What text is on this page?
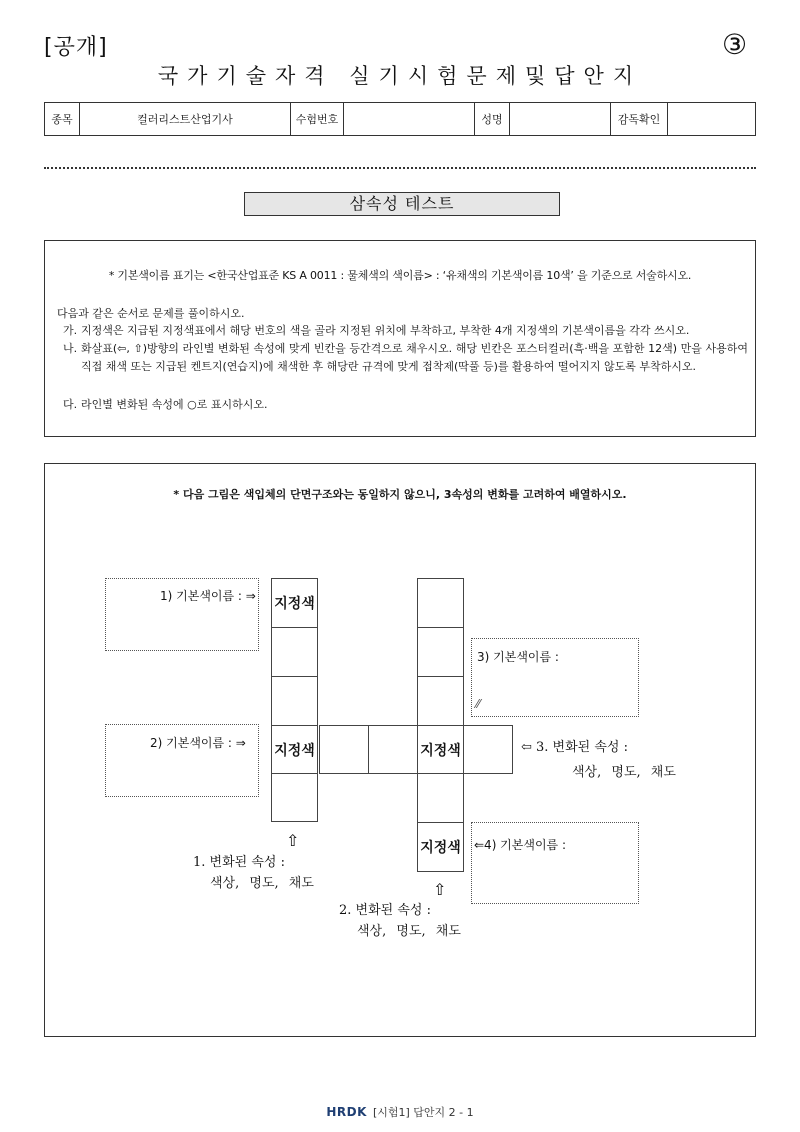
[공개]	③
국가기술자격 실기시험문제및답안지
종목	컬러리스트산업기사	수험번호		성명		감독확인	
삼속성 테스트
* 기본색이름 표기는 <한국산업표준 KS A 0011 : 물체색의 색이름> : ‘유채색의 기본색이름 10색’ 을 기준으로 서술하시오.
다음과 같은 순서로 문제를 풀이하시오.
가. 지정색은 지급된 지정색표에서 해당 번호의 색을 골라 지정된 위치에 부착하고, 부착한 4개 지정색의 기본색이름을 각각 쓰시오.
나. 화살표(⇦, ⇧)방향의 라인별 변화된 속성에 맞게 빈칸을 등간격으로 채우시오. 해당 빈칸은 포스터컬러(흑·백을 포함한 12색) 만을 사용하여 직접 채색 또는 지급된 켄트지(연습지)에 채색한 후 해당란 규격에 맞게 접착제(딱풀 등)를 활용하여 떨어지지 않도록 부착하시오.
다. 라인별 변화된 속성에 ○로 표시하시오.
* 다음 그림은 색입체의 단면구조와는 동일하지 않으니, 3속성의 변화를 고려하여 배열하시오.
1) 기본색이름 : ⇒
2) 기본색이름 : ⇒
3) 기본색이름 :
⁄⁄
⇐4) 기본색이름 :
지정색
지정색	지정색
지정색
⇧
1. 변화된 속성 :
색상, 명도, 채도	⇧
2. 변화된 속성 :
색상, 명도, 채도
⇦ 3. 변화된 속성 :
색상, 명도, 채도
HRDK [시험1] 답안지 2 - 1
